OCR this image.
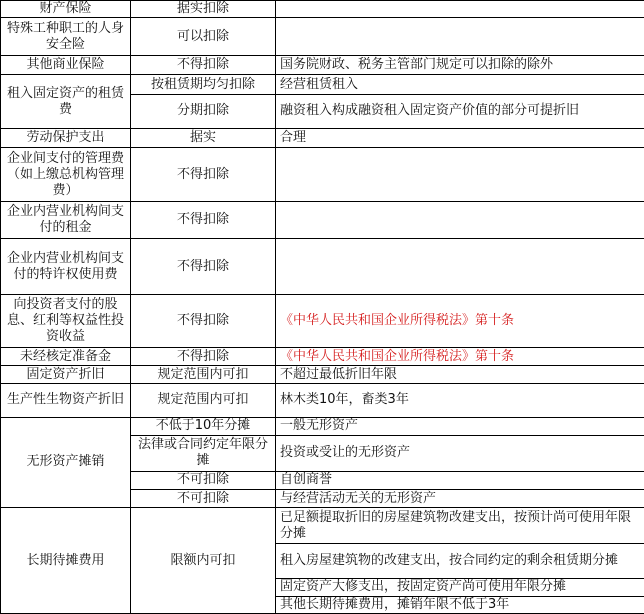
财产保险	据实扣除	
特殊工种职工的人身安全险	可以扣除	
其他商业保险	不得扣除	国务院财政、税务主管部门规定可以扣除的除外
租入固定资产的租赁费	按租赁期均匀扣除	经营租赁租入
	分期扣除	融资租入构成融资租入固定资产价值的部分可提折旧
劳动保护支出	据实	合理
企业间支付的管理费（如上缴总机构管理费）	不得扣除	
企业内营业机构间支付的租金	不得扣除	
企业内营业机构间支付的特许权使用费	不得扣除	
向投资者支付的股息、红利等权益性投资收益	不得扣除	《中华人民共和国企业所得税法》第十条
未经核定准备金	不得扣除	《中华人民共和国企业所得税法》第十条
固定资产折旧	规定范围内可扣	不超过最低折旧年限
生产性生物资产折旧	规定范围内可扣	林木类10年，畜类3年
无形资产摊销	不低于10年分摊	一般无形资产
	法律或合同约定年限分摊	投资或受让的无形资产
	不可扣除	自创商誉
	不可扣除	与经营活动无关的无形资产
长期待摊费用	限额内可扣	已足额提取折旧的房屋建筑物改建支出，按预计尚可使用年限分摊
		租入房屋建筑物的改建支出，按合同约定的剩余租赁期分摊
		固定资产大修支出，按固定资产尚可使用年限分摊
		其他长期待摊费用，摊销年限不低于3年
